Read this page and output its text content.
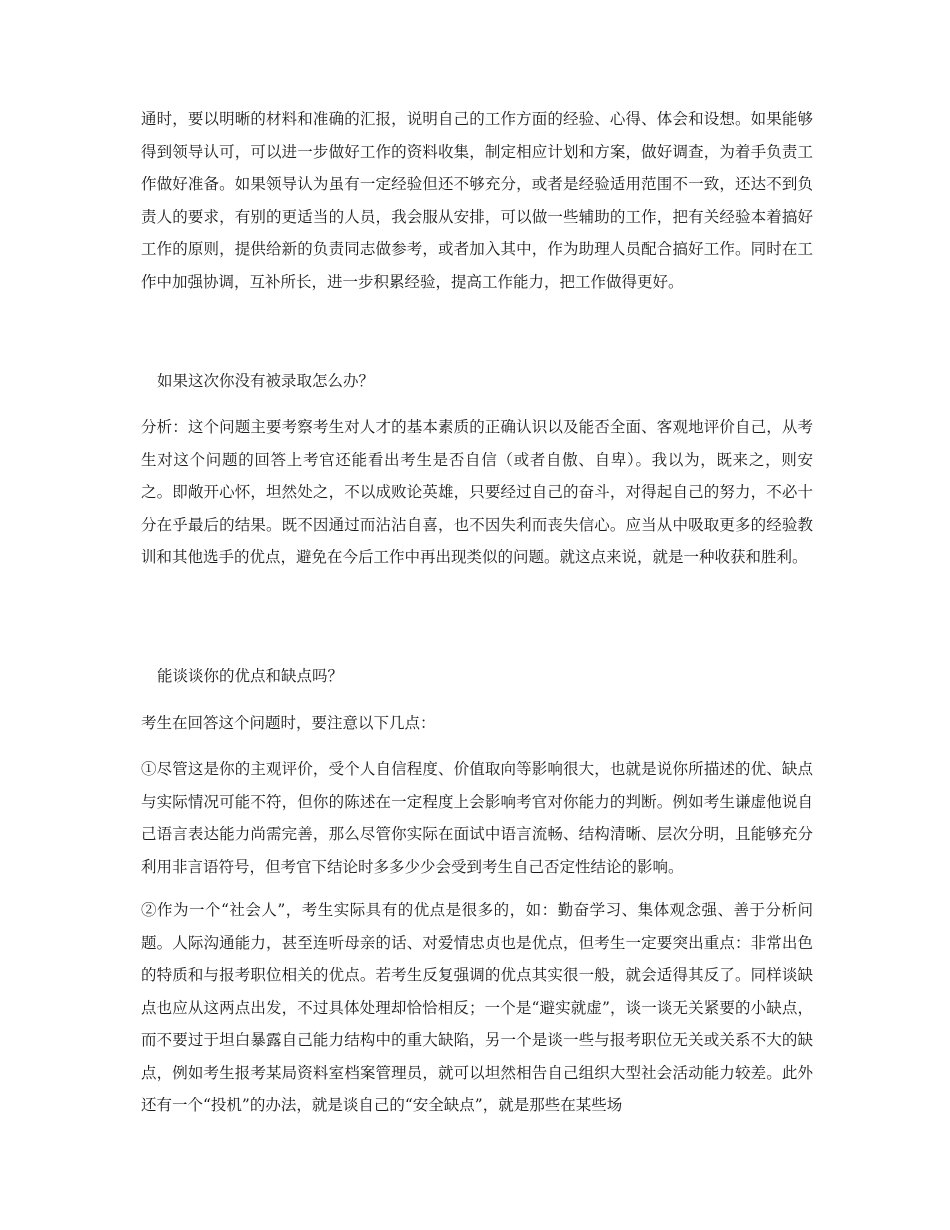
通时，要以明晰的材料和准确的汇报，说明自己的工作方面的经验、心得、体会和设想。如果能够得到领导认可，可以进一步做好工作的资料收集，制定相应计划和方案，做好调查，为着手负责工作做好准备。如果领导认为虽有一定经验但还不够充分，或者是经验适用范围不一致，还达不到负责人的要求，有别的更适当的人员，我会服从安排，可以做一些辅助的工作，把有关经验本着搞好工作的原则，提供给新的负责同志做参考，或者加入其中，作为助理人员配合搞好工作。同时在工作中加强协调，互补所长，进一步积累经验，提高工作能力，把工作做得更好。

如果这次你没有被录取怎么办？

分析：这个问题主要考察考生对人才的基本素质的正确认识以及能否全面、客观地评价自己，从考生对这个问题的回答上考官还能看出考生是否自信（或者自傲、自卑）。我以为，既来之，则安之。即敞开心怀，坦然处之，不以成败论英雄，只要经过自己的奋斗，对得起自己的努力，不必十分在乎最后的结果。既不因通过而沾沾自喜，也不因失利而丧失信心。应当从中吸取更多的经验教训和其他选手的优点，避免在今后工作中再出现类似的问题。就这点来说，就是一种收获和胜利。

能谈谈你的优点和缺点吗？

考生在回答这个问题时，要注意以下几点：

①尽管这是你的主观评价，受个人自信程度、价值取向等影响很大，也就是说你所描述的优、缺点与实际情况可能不符，但你的陈述在一定程度上会影响考官对你能力的判断。例如考生谦虚他说自己语言表达能力尚需完善，那么尽管你实际在面试中语言流畅、结构清晰、层次分明，且能够充分利用非言语符号，但考官下结论时多多少少会受到考生自己否定性结论的影响。

②作为一个“社会人”，考生实际具有的优点是很多的，如：勤奋学习、集体观念强、善于分析问题。人际沟通能力，甚至连听母亲的话、对爱情忠贞也是优点，但考生一定要突出重点：非常出色的特质和与报考职位相关的优点。若考生反复强调的优点其实很一般，就会适得其反了。同样谈缺点也应从这两点出发，不过具体处理却恰恰相反；一个是“避实就虚”，谈一谈无关紧要的小缺点，而不要过于坦白暴露自己能力结构中的重大缺陷，另一个是谈一些与报考职位无关或关系不大的缺点，例如考生报考某局资料室档案管理员，就可以坦然相告自己组织大型社会活动能力较差。此外还有一个“投机”的办法，就是谈自己的“安全缺点”，就是那些在某些场
